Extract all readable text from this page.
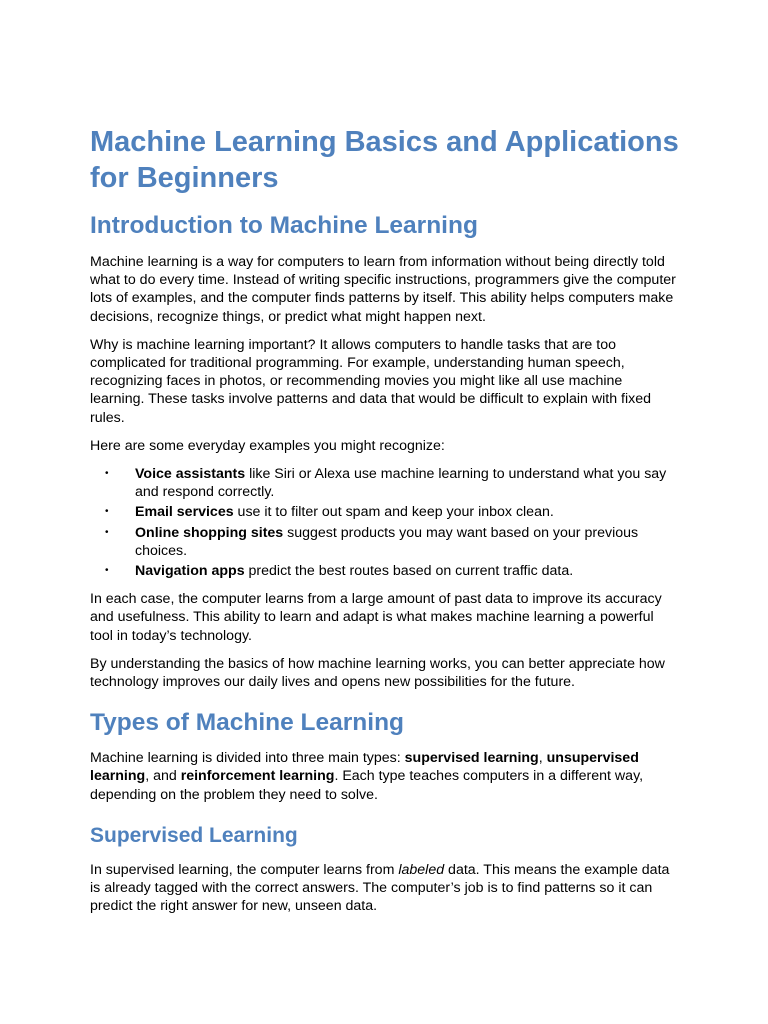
Machine Learning Basics and Applications for Beginners
Introduction to Machine Learning

Machine learning is a way for computers to learn from information without being directly told what to do every time. Instead of writing specific instructions, programmers give the computer lots of examples, and the computer finds patterns by itself. This ability helps computers make decisions, recognize things, or predict what might happen next.

Why is machine learning important? It allows computers to handle tasks that are too complicated for traditional programming. For example, understanding human speech, recognizing faces in photos, or recommending movies you might like all use machine learning. These tasks involve patterns and data that would be difficult to explain with fixed rules.

Here are some everyday examples you might recognize:

• Voice assistants like Siri or Alexa use machine learning to understand what you say and respond correctly.
• Email services use it to filter out spam and keep your inbox clean.
• Online shopping sites suggest products you may want based on your previous choices.
• Navigation apps predict the best routes based on current traffic data.

In each case, the computer learns from a large amount of past data to improve its accuracy and usefulness. This ability to learn and adapt is what makes machine learning a powerful tool in today’s technology.

By understanding the basics of how machine learning works, you can better appreciate how technology improves our daily lives and opens new possibilities for the future.

Types of Machine Learning

Machine learning is divided into three main types: supervised learning, unsupervised learning, and reinforcement learning. Each type teaches computers in a different way, depending on the problem they need to solve.

Supervised Learning

In supervised learning, the computer learns from labeled data. This means the example data is already tagged with the correct answers. The computer’s job is to find patterns so it can predict the right answer for new, unseen data.
